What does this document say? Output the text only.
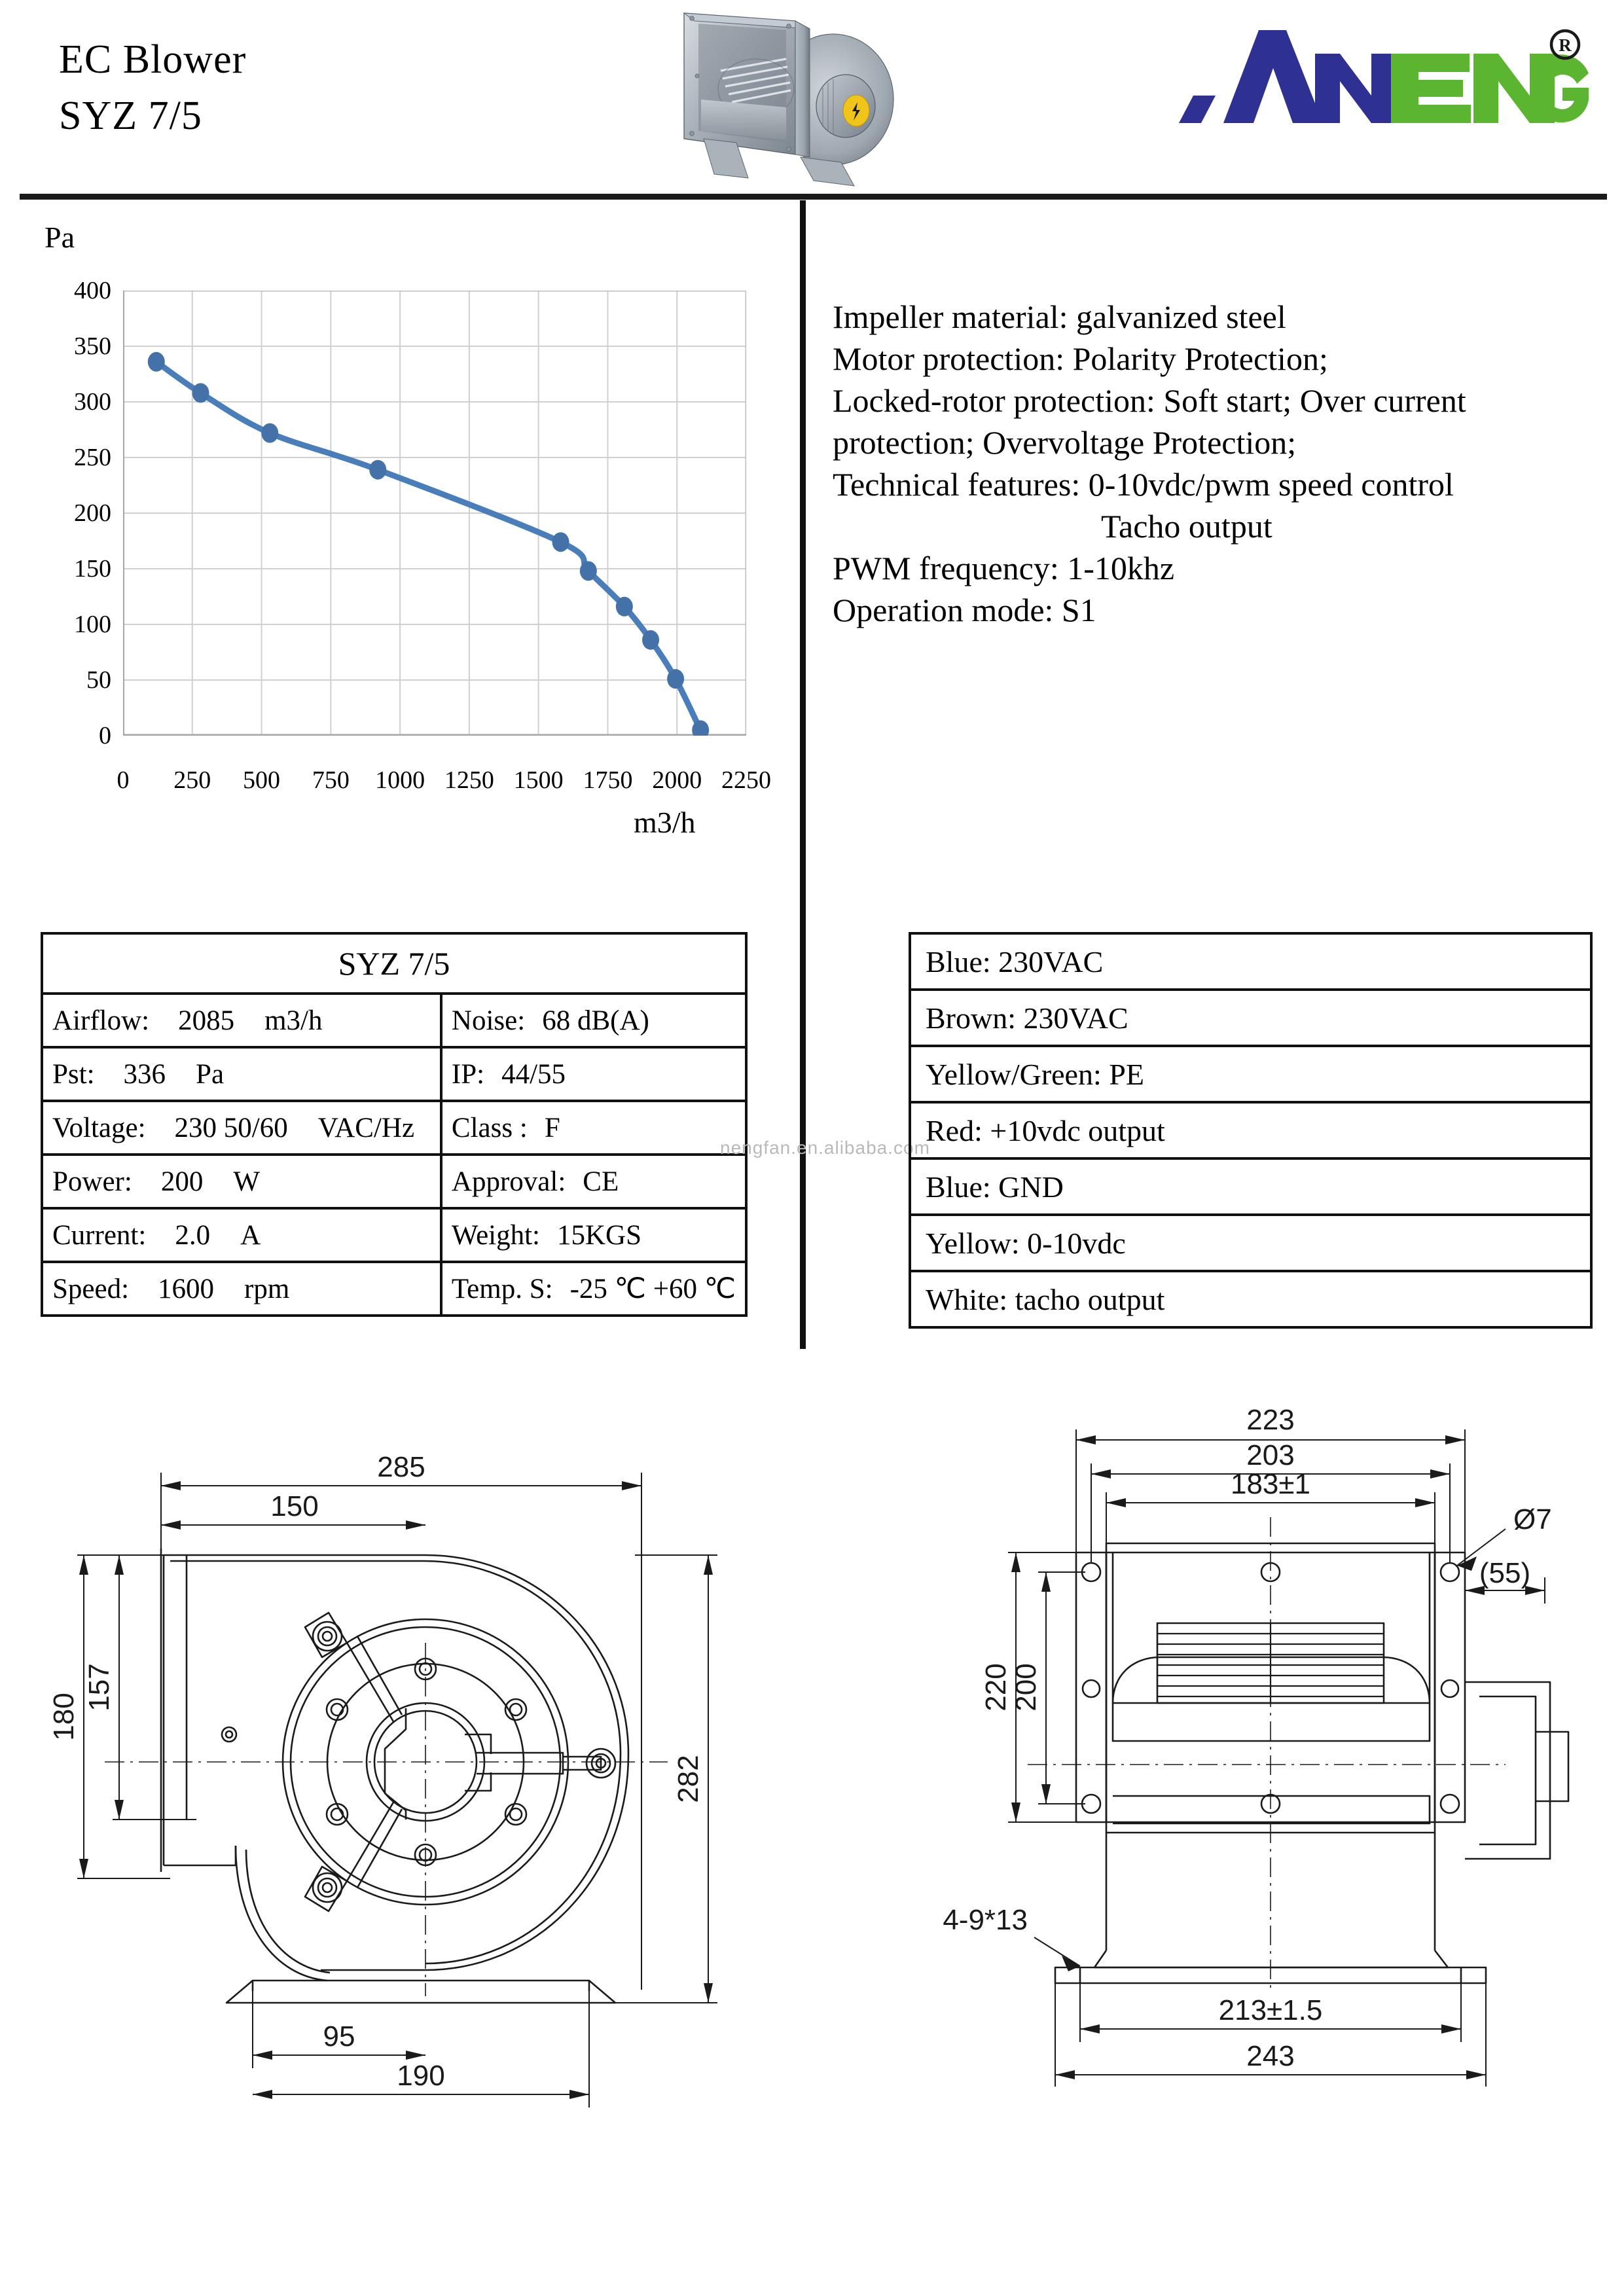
EC Blower
SYZ 7/5
R
Pa
0
50
100
150
200
250
300
350
400
0	250	500	750	1000 1250 1500 1750 2000 2250
m3/h
Impeller material: galvanized steel
Motor protection: Polarity Protection;
Locked-rotor protection: Soft start; Over current
protection; Overvoltage Protection;
Technical features: 0-10vdc/pwm speed control
Tacho output
PWM frequency: 1-10khz
Operation mode: S1
SYZ 7/5	
Airflow: 2085 m3/h	Noise: 68 dB(A)
Pst: 336 Pa	IP: 44/55
Voltage: 230 50/60 VAC/Hz	Class : F
Power: 200 W	Approval: CE
Current: 2.0 A	Weight: 15KGS
Speed: 1600 rpm	Temp. S: -25 ℃ +60 ℃
nengfan.en.alibaba.com
Blue: 230VAC
Brown: 230VAC
Yellow/Green: PE
Red: +10vdc output
Blue: GND
Yellow: 0-10vdc
White: tacho output
285
150
180
157
282
95
190
223
203
183±1
Ø7
(55)
220
200
4-9*13
213±1.5
243
